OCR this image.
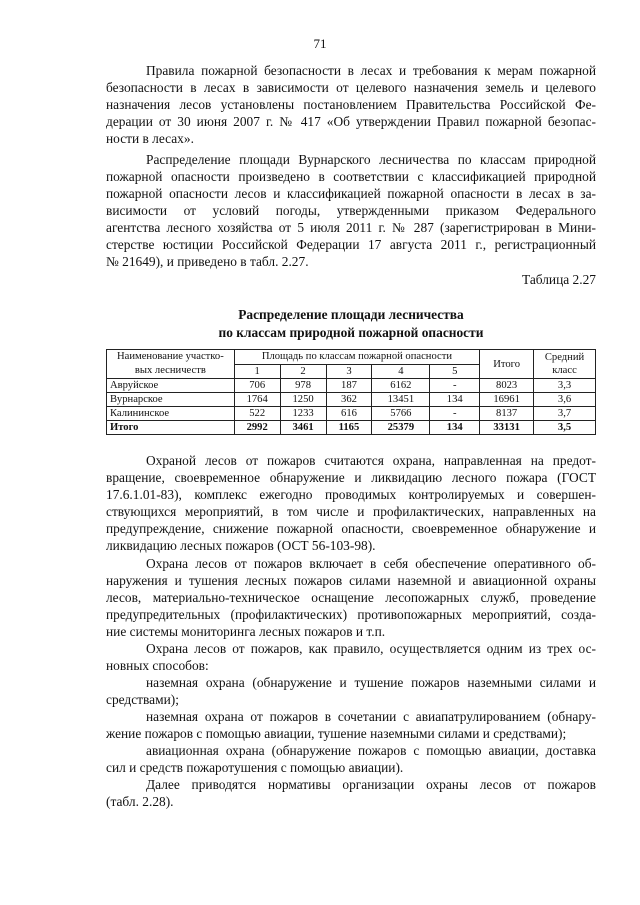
71

Правила пожарной безопасности в лесах и требования к мерам пожарной
безопасности в лесах в зависимости от целевого назначения земель и целевого
назначения лесов установлены постановлением Правительства Российской Фе-
дерации от 30 июня 2007 г. № 417 «Об утверждении Правил пожарной безопас-
ности в лесах».

Распределение площади Вурнарского лесничества по классам природной
пожарной опасности произведено в соответствии с классификацией природной
пожарной опасности лесов и классификацией пожарной опасности в лесах в за-
висимости от условий погоды, утвержденными приказом Федерального
агентства лесного хозяйства от 5 июля 2011 г. № 287 (зарегистрирован в Мини-
стерстве юстиции Российской Федерации 17 августа 2011 г., регистрационный
№ 21649), и приведено в табл. 2.27.

Таблица 2.27
Распределение площади лесничества
по классам природной пожарной опасности
Наименование участко-вых лесничеств	Площадь по классам пожарной опасности					Итого	Средний класс
	1	2	3	4	5		
Авруйское	706	978	187	6162	-	8023	3,3
Вурнарское	1764	1250	362	13451	134	16961	3,6
Калининское	522	1233	616	5766	-	8137	3,7
Итого	2992	3461	1165	25379	134	33131	3,5

Охраной лесов от пожаров считаются охрана, направленная на предот-
вращение, своевременное обнаружение и ликвидацию лесного пожара (ГОСТ
17.6.1.01-83), комплекс ежегодно проводимых контролируемых и совершен-
ствующихся мероприятий, в том числе и профилактических, направленных на
предупреждение, снижение пожарной опасности, своевременное обнаружение и
ликвидацию лесных пожаров (ОСТ 56-103-98).

Охрана лесов от пожаров включает в себя обеспечение оперативного об-
наружения и тушения лесных пожаров силами наземной и авиационной охраны
лесов, материально-техническое оснащение лесопожарных служб, проведение
предупредительных (профилактических) противопожарных мероприятий, созда-
ние системы мониторинга лесных пожаров и т.п.

Охрана лесов от пожаров, как правило, осуществляется одним из трех ос-
новных способов:

наземная охрана (обнаружение и тушение пожаров наземными силами и
средствами);

наземная охрана от пожаров в сочетании с авиапатрулированием (обнару-
жение пожаров с помощью авиации, тушение наземными силами и средствами);

авиационная охрана (обнаружение пожаров с помощью авиации, доставка
сил и средств пожаротушения с помощью авиации).

Далее приводятся нормативы организации охраны лесов от пожаров
(табл. 2.28).
